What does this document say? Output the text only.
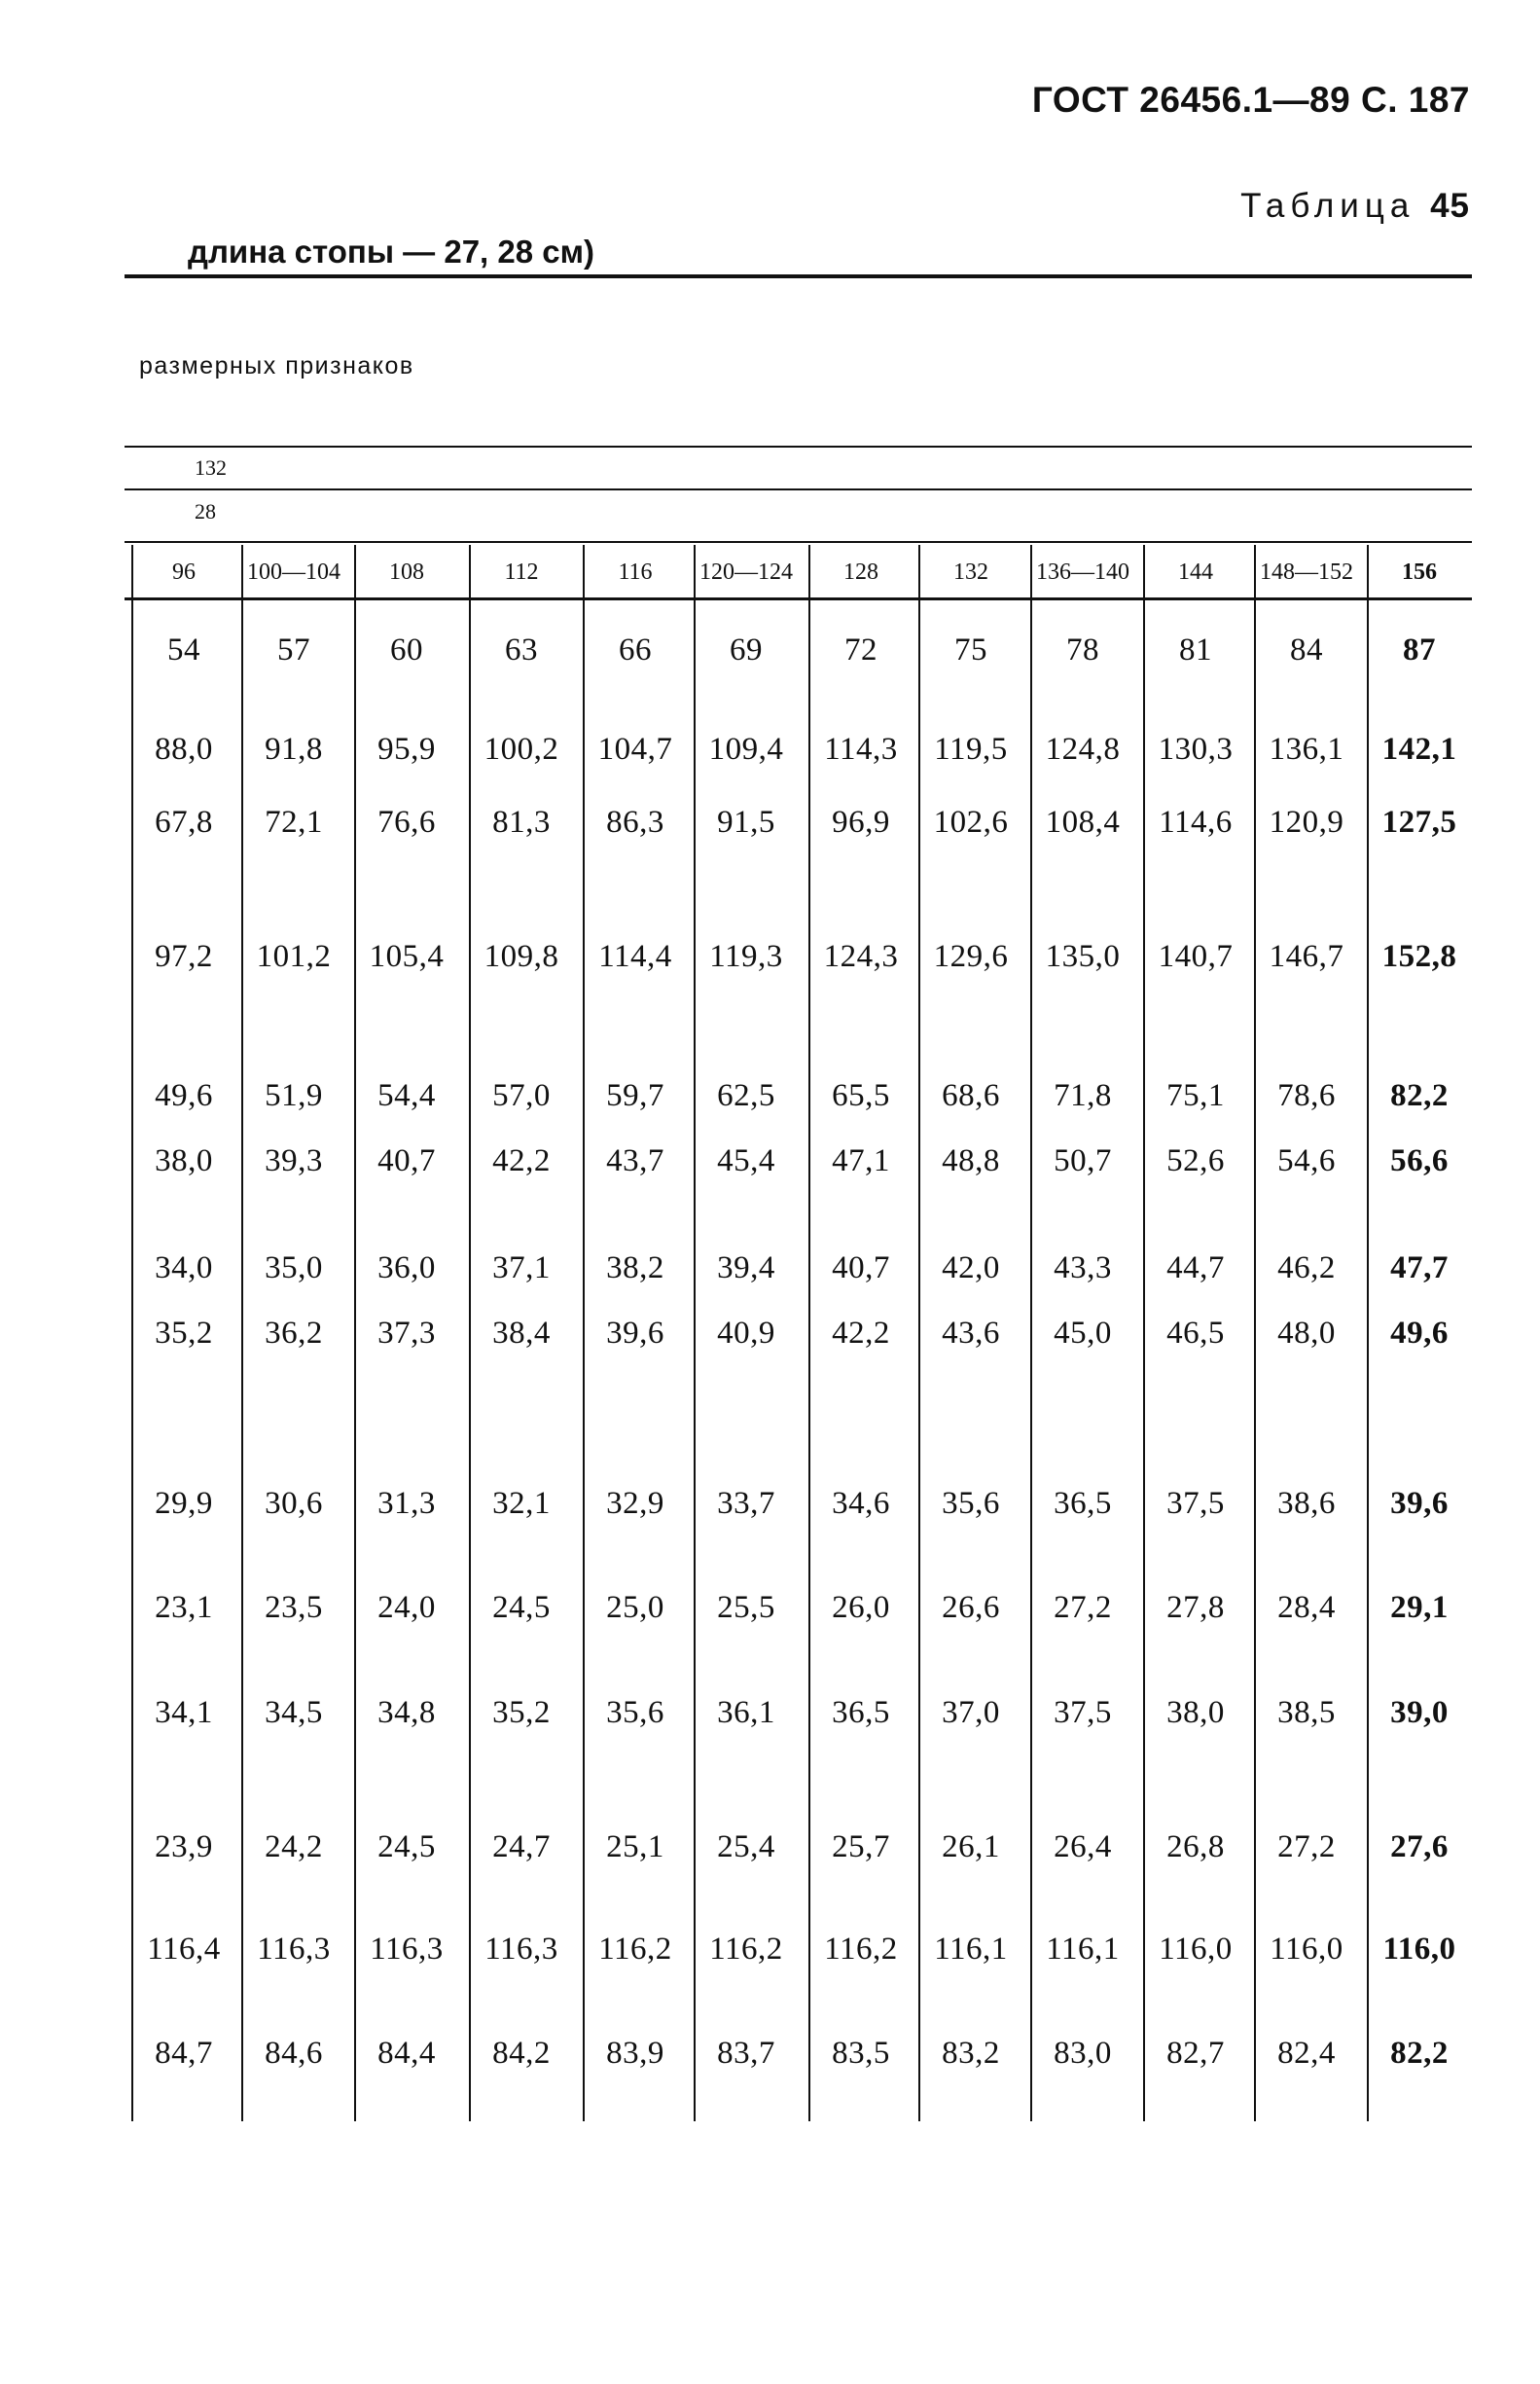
ГОСТ 26456.1—89 С. 187
Таблица 45
длина стопы — 27, 28 см)
размерных признаков
132
28
96	100—104	108	112	116	120—124	128	132	136—140	144	148—152	156
54	57	60	63	66	69	72	75	78	81	84	87
88,0	91,8	95,9	100,2	104,7	109,4	114,3	119,5	124,8	130,3	136,1	142,1
67,8	72,1	76,6	81,3	86,3	91,5	96,9	102,6	108,4	114,6	120,9	127,5
97,2	101,2	105,4	109,8	114,4	119,3	124,3	129,6	135,0	140,7	146,7	152,8
49,6	51,9	54,4	57,0	59,7	62,5	65,5	68,6	71,8	75,1	78,6	82,2
38,0	39,3	40,7	42,2	43,7	45,4	47,1	48,8	50,7	52,6	54,6	56,6
34,0	35,0	36,0	37,1	38,2	39,4	40,7	42,0	43,3	44,7	46,2	47,7
35,2	36,2	37,3	38,4	39,6	40,9	42,2	43,6	45,0	46,5	48,0	49,6
29,9	30,6	31,3	32,1	32,9	33,7	34,6	35,6	36,5	37,5	38,6	39,6
23,1	23,5	24,0	24,5	25,0	25,5	26,0	26,6	27,2	27,8	28,4	29,1
34,1	34,5	34,8	35,2	35,6	36,1	36,5	37,0	37,5	38,0	38,5	39,0
23,9	24,2	24,5	24,7	25,1	25,4	25,7	26,1	26,4	26,8	27,2	27,6
116,4	116,3	116,3	116,3	116,2	116,2	116,2	116,1	116,1	116,0	116,0	116,0
84,7	84,6	84,4	84,2	83,9	83,7	83,5	83,2	83,0	82,7	82,4	82,2
